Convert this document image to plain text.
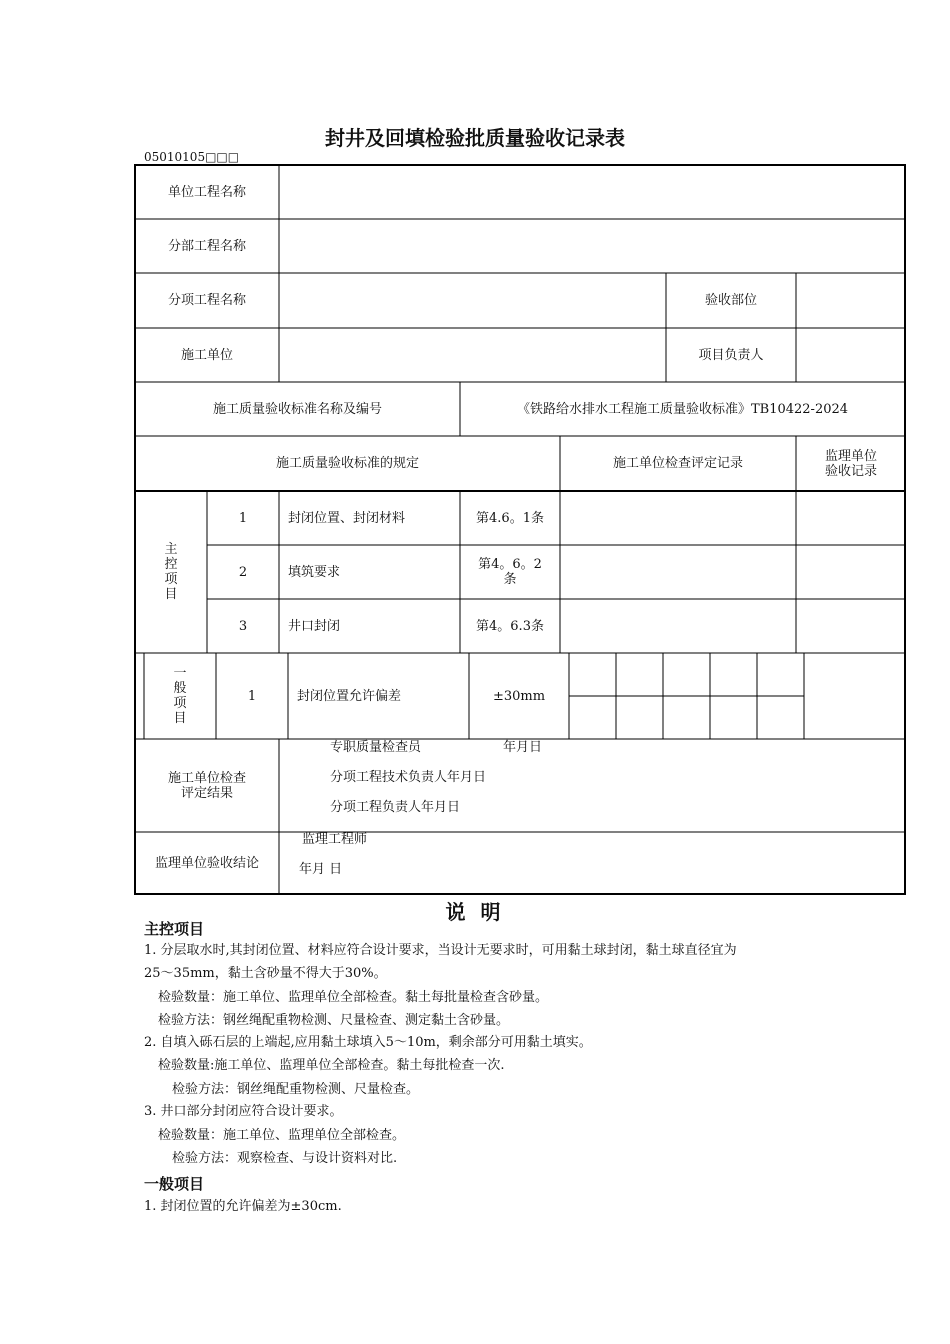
封井及回填检验批质量验收记录表
05010105□□□
单位工程名称
分部工程名称
分项工程名称	验收部位
施工单位	项目负责人
施工质量验收标准名称及编号	《铁路给水排水工程施工质量验收标准》TB10422-2024
施工质量验收标准的规定	施工单位检查评定记录	监理单位验收记录
主控项目
1	封闭位置、封闭材料	第4.6。1条
2	填筑要求	第4。6。2条
3	井口封闭	第4。6.3条
一般项目
1	封闭位置允许偏差	±30mm
施工单位检查评定结果
专职质量检查员	年月日
分项工程技术负责人年月日
分项工程负责人年月日
监理单位验收结论
监理工程师
年月 日
说 明
主控项目
1. 分层取水时,其封闭位置、材料应符合设计要求，当设计无要求时，可用黏土球封闭，黏土球直径宜为
25～35mm，黏土含砂量不得大于30%。
检验数量：施工单位、监理单位全部检查。黏土每批量检查含砂量。
检验方法：钢丝绳配重物检测、尺量检查、测定黏土含砂量。
2. 自填入砾石层的上端起,应用黏土球填入5～10m，剩余部分可用黏土填实。
检验数量:施工单位、监理单位全部检查。黏土每批检查一次.
检验方法：钢丝绳配重物检测、尺量检查。
3. 井口部分封闭应符合设计要求。
检验数量：施工单位、监理单位全部检查。
检验方法：观察检查、与设计资料对比.
一般项目
1. 封闭位置的允许偏差为±30cm.
